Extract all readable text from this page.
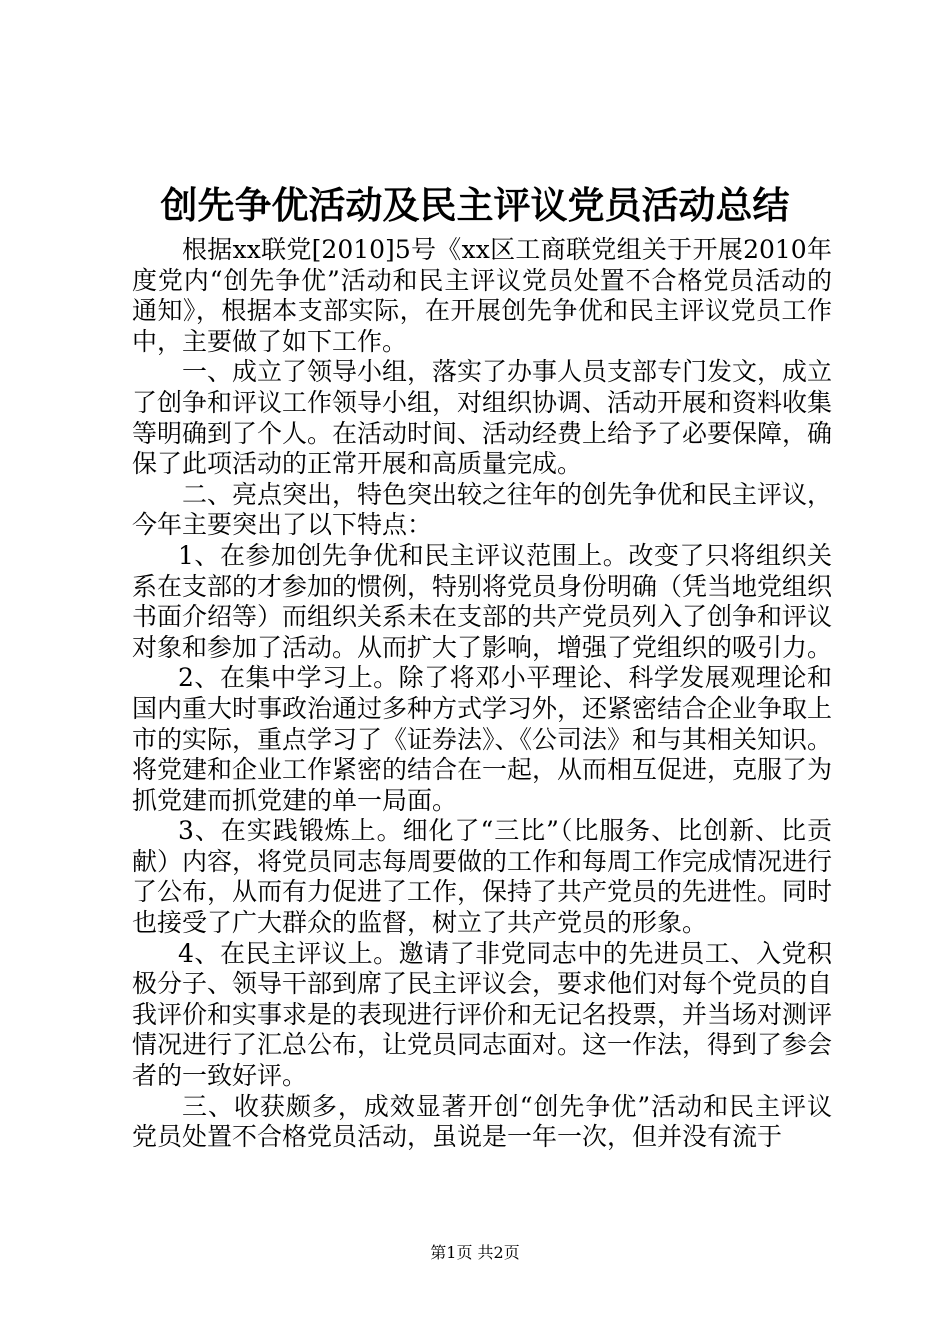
创先争优活动及民主评议党员活动总结

根据xx联党[2010]5号《xx区工商联党组关于开展2010年度党内“创先争优”活动和民主评议党员处置不合格党员活动的通知》，根据本支部实际，在开展创先争优和民主评议党员工作中，主要做了如下工作。

一、成立了领导小组，落实了办事人员支部专门发文，成立了创争和评议工作领导小组，对组织协调、活动开展和资料收集等明确到了个人。在活动时间、活动经费上给予了必要保障，确保了此项活动的正常开展和高质量完成。

二、亮点突出，特色突出较之往年的创先争优和民主评议，今年主要突出了以下特点：

1、在参加创先争优和民主评议范围上。改变了只将组织关系在支部的才参加的惯例，特别将党员身份明确（凭当地党组织书面介绍等）而组织关系未在支部的共产党员列入了创争和评议对象和参加了活动。从而扩大了影响，增强了党组织的吸引力。

2、在集中学习上。除了将邓小平理论、科学发展观理论和国内重大时事政治通过多种方式学习外，还紧密结合企业争取上市的实际，重点学习了《证券法》、《公司法》和与其相关知识。将党建和企业工作紧密的结合在一起，从而相互促进，克服了为抓党建而抓党建的单一局面。

3、在实践锻炼上。细化了“三比”（比服务、比创新、比贡献）内容，将党员同志每周要做的工作和每周工作完成情况进行了公布，从而有力促进了工作，保持了共产党员的先进性。同时也接受了广大群众的监督，树立了共产党员的形象。

4、在民主评议上。邀请了非党同志中的先进员工、入党积极分子、领导干部到席了民主评议会，要求他们对每个党员的自我评价和实事求是的表现进行评价和无记名投票，并当场对测评情况进行了汇总公布，让党员同志面对。这一作法，得到了参会者的一致好评。

三、收获颇多，成效显著开创“创先争优”活动和民主评议党员处置不合格党员活动，虽说是一年一次，但并没有流于

第1页 共2页
